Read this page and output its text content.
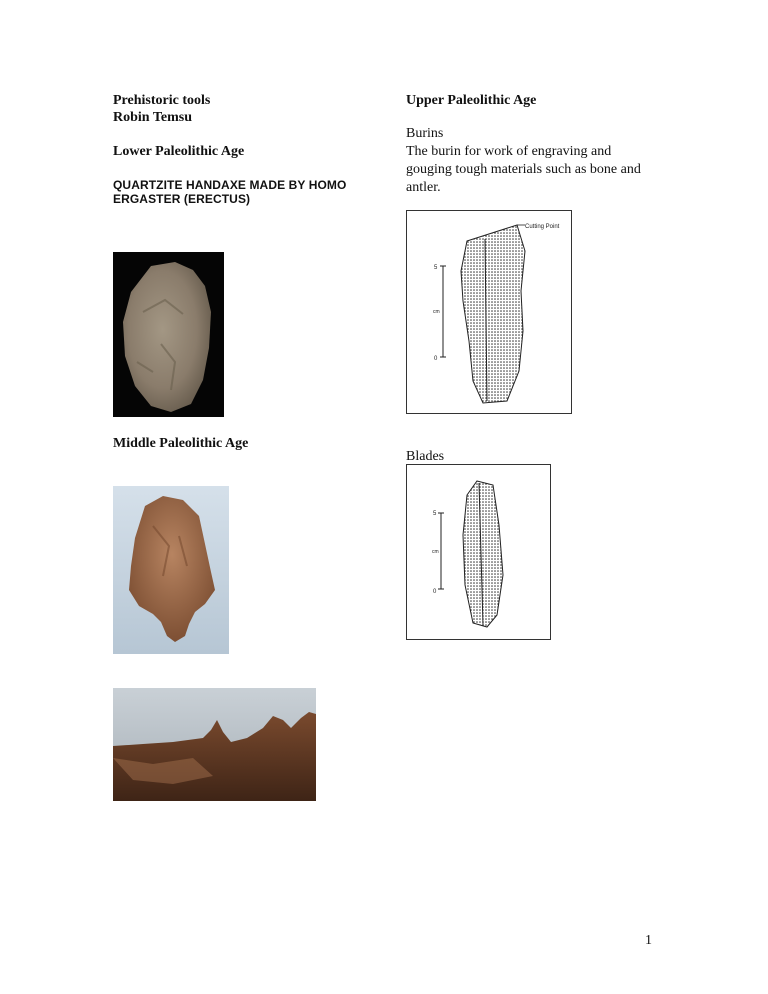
Prehistoric tools
Robin Temsu
Lower Paleolithic Age
QUARTZITE HANDAXE MADE BY HOMO ERGASTER (ERECTUS)
Middle Paleolithic Age
Upper Paleolithic Age
Burins
The burin for work of engraving and gouging tough materials such as bone and antler.
Cutting Point
5
cm
0
Blades
5
cm
0
1
